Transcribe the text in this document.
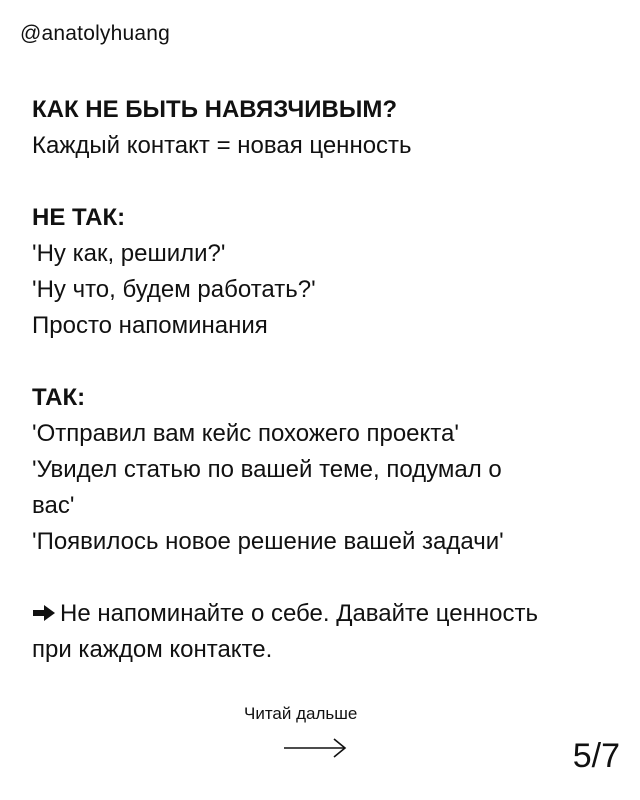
@anatolyhuang

КАК НЕ БЫТЬ НАВЯЗЧИВЫМ?

Каждый контакт = новая ценность

НЕ ТАК:

'Ну как, решили?'

'Ну что, будем работать?'

Просто напоминания

ТАК:

'Отправил вам кейс похожего проекта'

'Увидел статью по вашей теме, подумал о

вас'

'Появилось новое решение вашей задачи'

Не напоминайте о себе. Давайте ценность

при каждом контакте.

Читай дальше
5/7
